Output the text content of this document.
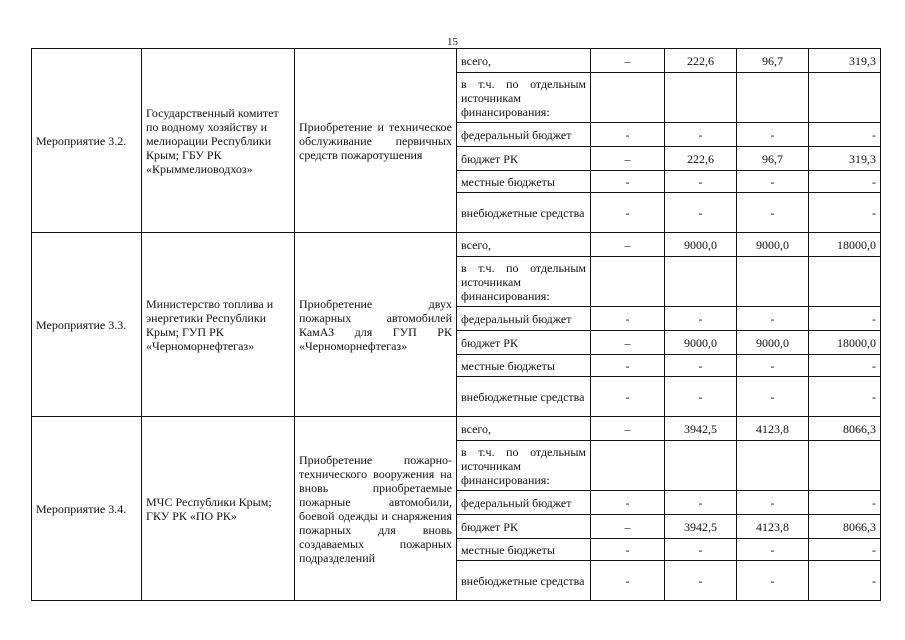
15
Мероприятие 3.2.	Государственный комитет по водному хозяйству и мелиорации Республики Крым; ГБУ РК «Крыммелиоводхоз»	Приобретение и техническое обслуживание первичных средств пожаротушения	всего,	–	222,6	96,7	319,3
			в т.ч. по отдельным источникам финансирования:				
			федеральный бюджет	-	-	-	-
			бюджет РК	–	222,6	96,7	319,3
			местные бюджеты	-	-	-	-
			внебюджетные средства	-	-	-	-
Мероприятие 3.3.	Министерство топлива и энергетики Республики Крым; ГУП РК «Черноморнефтегаз»	Приобретение двух пожарных автомобилей КамАЗ для ГУП РК «Черноморнефтегаз»	всего,	–	9000,0	9000,0	18000,0
			в т.ч. по отдельным источникам финансирования:				
			федеральный бюджет	-	-	-	-
			бюджет РК	–	9000,0	9000,0	18000,0
			местные бюджеты	-	-	-	-
			внебюджетные средства	-	-	-	-
Мероприятие 3.4.	МЧС Республики Крым; ГКУ РК «ПО РК»	Приобретение пожарно-технического вооружения на вновь приобретаемые пожарные автомобили, боевой одежды и снаряжения пожарных для вновь создаваемых пожарных подразделений	всего,	–	3942,5	4123,8	8066,3
			в т.ч. по отдельным источникам финансирования:				
			федеральный бюджет	-	-	-	-
			бюджет РК	–	3942,5	4123,8	8066,3
			местные бюджеты	-	-	-	-
			внебюджетные средства	-	-	-	-
